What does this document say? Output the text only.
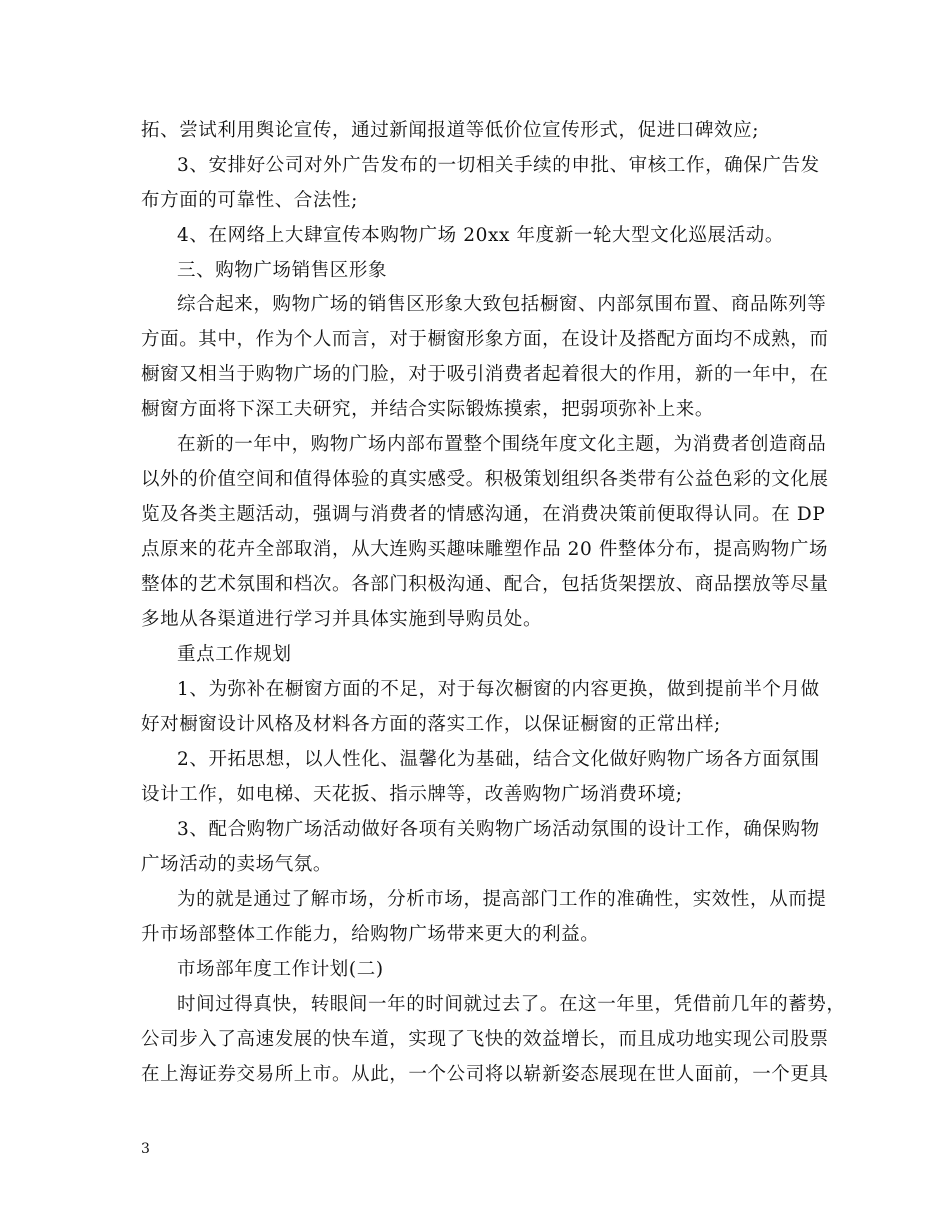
拓、尝试利用舆论宣传，通过新闻报道等低价位宣传形式，促进口碑效应;
3、安排好公司对外广告发布的一切相关手续的申批、审核工作，确保广告发
布方面的可靠性、合法性;
4、在网络上大肆宣传本购物广场 20xx 年度新一轮大型文化巡展活动。
三、购物广场销售区形象
综合起来，购物广场的销售区形象大致包括橱窗、内部氛围布置、商品陈列等
方面。其中，作为个人而言，对于橱窗形象方面，在设计及搭配方面均不成熟，而
橱窗又相当于购物广场的门脸，对于吸引消费者起着很大的作用，新的一年中，在
橱窗方面将下深工夫研究，并结合实际锻炼摸索，把弱项弥补上来。
在新的一年中，购物广场内部布置整个围绕年度文化主题，为消费者创造商品
以外的价值空间和值得体验的真实感受。积极策划组织各类带有公益色彩的文化展
览及各类主题活动，强调与消费者的情感沟通，在消费决策前便取得认同。在 DP
点原来的花卉全部取消，从大连购买趣味雕塑作品 20 件整体分布，提高购物广场
整体的艺术氛围和档次。各部门积极沟通、配合，包括货架摆放、商品摆放等尽量
多地从各渠道进行学习并具体实施到导购员处。
重点工作规划
1、为弥补在橱窗方面的不足，对于每次橱窗的内容更换，做到提前半个月做
好对橱窗设计风格及材料各方面的落实工作，以保证橱窗的正常出样;
2、开拓思想，以人性化、温馨化为基础，结合文化做好购物广场各方面氛围
设计工作，如电梯、天花扳、指示牌等，改善购物广场消费环境;
3、配合购物广场活动做好各项有关购物广场活动氛围的设计工作，确保购物
广场活动的卖场气氛。
为的就是通过了解市场，分析市场，提高部门工作的准确性，实效性，从而提
升市场部整体工作能力，给购物广场带来更大的利益。
市场部年度工作计划(二)
时间过得真快，转眼间一年的时间就过去了。在这一年里，凭借前几年的蓄势，
公司步入了高速发展的快车道，实现了飞快的效益增长，而且成功地实现公司股票
在上海证券交易所上市。从此，一个公司将以崭新姿态展现在世人面前，一个更具
3
